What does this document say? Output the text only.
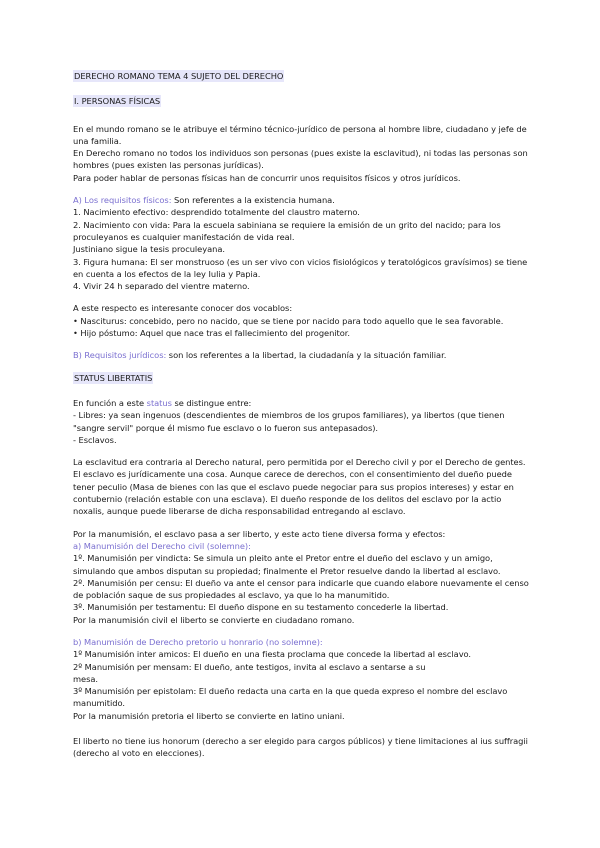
DERECHO ROMANO TEMA 4 SUJETO DEL DERECHO
I. PERSONAS FÍSICAS
En el mundo romano se le atribuye el término técnico-jurídico de persona al hombre libre, ciudadano y jefe de una familia.
En Derecho romano no todos los individuos son personas (pues existe la esclavitud), ni todas las personas son hombres (pues existen las personas jurídicas).
Para poder hablar de personas físicas han de concurrir unos requisitos físicos y otros jurídicos.
A) Los requisitos físicos: Son referentes a la existencia humana.
1. Nacimiento efectivo: desprendido totalmente del claustro materno.
2. Nacimiento con vida: Para la escuela sabiniana se requiere la emisión de un grito del nacido; para los proculeyanos es cualquier manifestación de vida real.
Justiniano sigue la tesis proculeyana.
3. Figura humana: El ser monstruoso (es un ser vivo con vicios fisiológicos y teratológicos gravísimos) se tiene en cuenta a los efectos de la ley Iulia y Papia.
4. Vivir 24 h separado del vientre materno.
A este respecto es interesante conocer dos vocablos:
• Nasciturus: concebido, pero no nacido, que se tiene por nacido para todo aquello que le sea favorable.
• Hijo póstumo: Aquel que nace tras el fallecimiento del progenitor.
B) Requisitos jurídicos: son los referentes a la libertad, la ciudadanía y la situación familiar.
STATUS LIBERTATIS
En función a este status se distingue entre:
- Libres: ya sean ingenuos (descendientes de miembros de los grupos familiares), ya libertos (que tienen "sangre servil" porque él mismo fue esclavo o lo fueron sus antepasados).
- Esclavos.
La esclavitud era contraria al Derecho natural, pero permitida por el Derecho civil y por el Derecho de gentes. El esclavo es jurídicamente una cosa. Aunque carece de derechos, con el consentimiento del dueño puede tener peculio (Masa de bienes con las que el esclavo puede negociar para sus propios intereses) y estar en contubernio (relación estable con una esclava). El dueño responde de los delitos del esclavo por la actio noxalis, aunque puede liberarse de dicha responsabilidad entregando al esclavo.
Por la manumisión, el esclavo pasa a ser liberto, y este acto tiene diversa forma y efectos:
a) Manumisión del Derecho civil (solemne):
1º. Manumisión per vindicta: Se simula un pleito ante el Pretor entre el dueño del esclavo y un amigo, simulando que ambos disputan su propiedad; finalmente el Pretor resuelve dando la libertad al esclavo.
2º. Manumisión per censu: El dueño va ante el censor para indicarle que cuando elabore nuevamente el censo de población saque de sus propiedades al esclavo, ya que lo ha manumitido.
3º. Manumisión per testamentu: El dueño dispone en su testamento concederle la libertad.
Por la manumisión civil el liberto se convierte en ciudadano romano.
b) Manumisión de Derecho pretorio u honrario (no solemne):
1º Manumisión inter amicos: El dueño en una fiesta proclama que concede la libertad al esclavo.
2º Manumisión per mensam: El dueño, ante testigos, invita al esclavo a sentarse a su
mesa.
3º Manumisión per epistolam: El dueño redacta una carta en la que queda expreso el nombre del esclavo manumitido.
Por la manumisión pretoria el liberto se convierte en latino uniani.
El liberto no tiene ius honorum (derecho a ser elegido para cargos públicos) y tiene limitaciones al ius suffragii (derecho al voto en elecciones).
